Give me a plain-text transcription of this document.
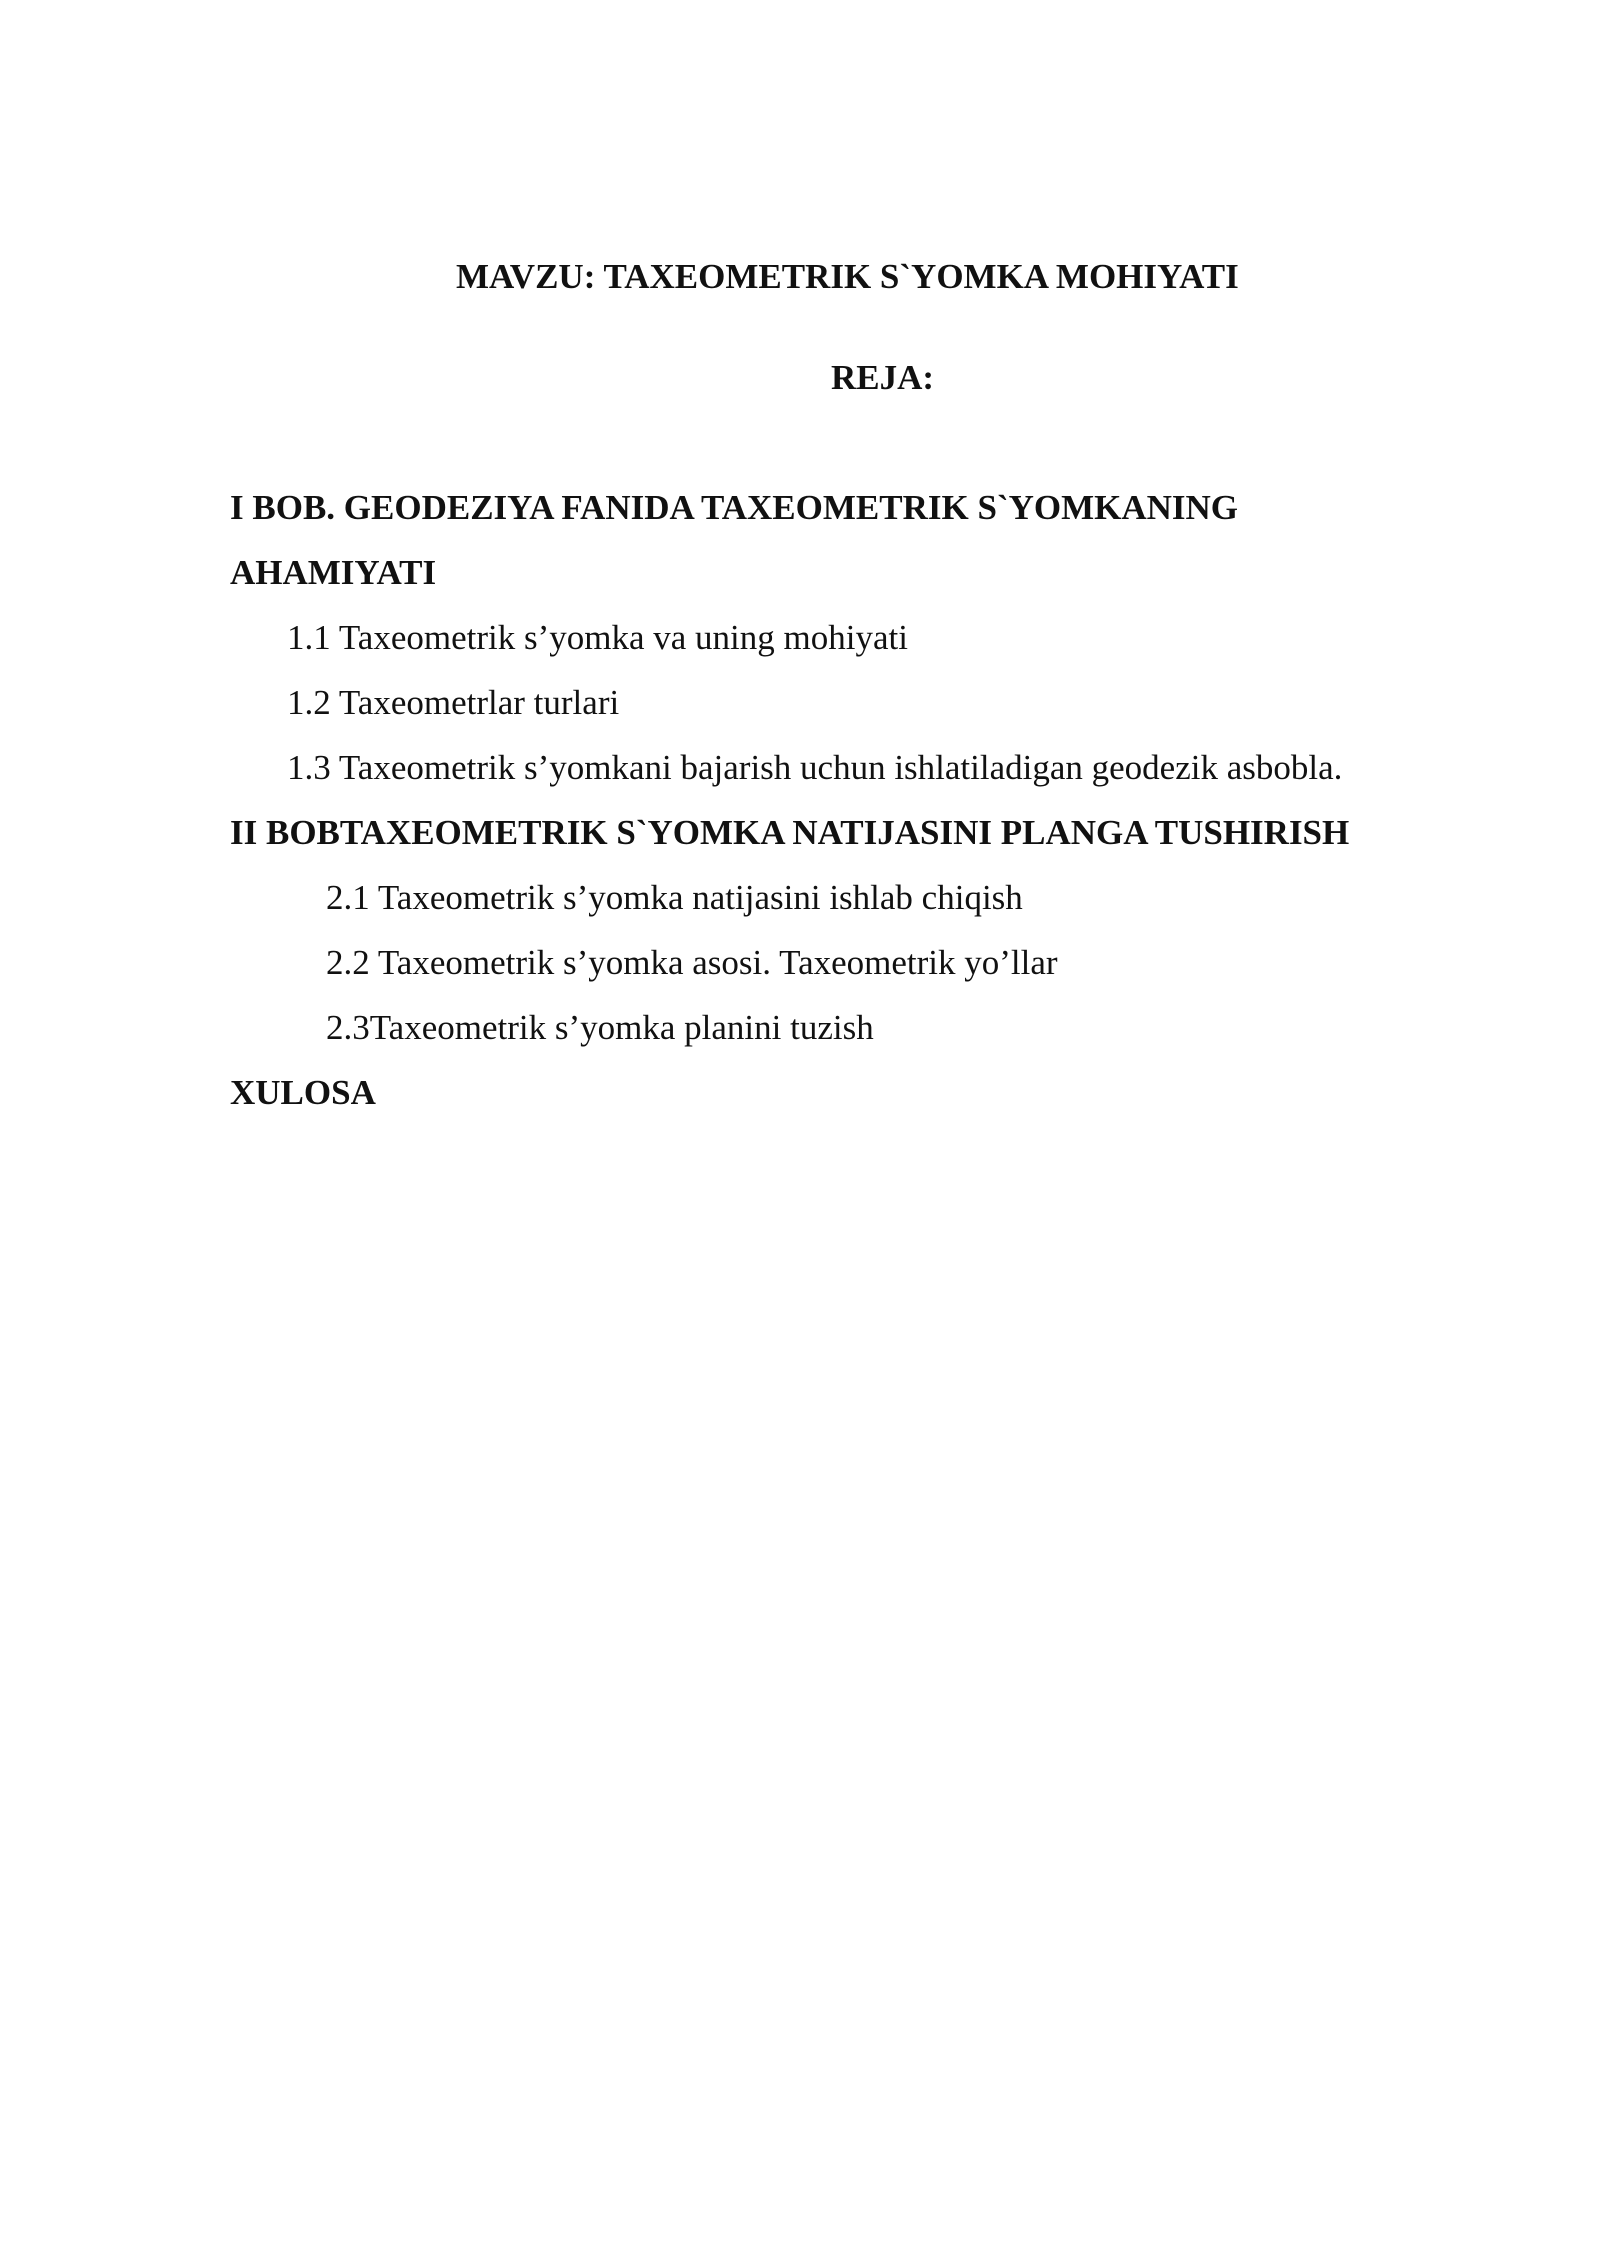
MAVZU: TAXEOMETRIK S`YOMKA MOHIYATI
REJA:
I BOB. GEODEZIYA FANIDA TAXEOMETRIK S`YOMKANING
AHAMIYATI
1.1 Taxeometrik s’yomka va uning mohiyati
1.2 Taxeometrlar turlari
1.3 Taxeometrik s’yomkani bajarish uchun ishlatiladigan geodezik asbobla.
II BOBTAXEOMETRIK S`YOMKA NATIJASINI PLANGA TUSHIRISH
2.1 Taxeometrik s’yomka natijasini ishlab chiqish
2.2 Taxeometrik s’yomka asosi. Taxeometrik yo’llar
2.3Taxeometrik s’yomka planini tuzish
XULOSA
